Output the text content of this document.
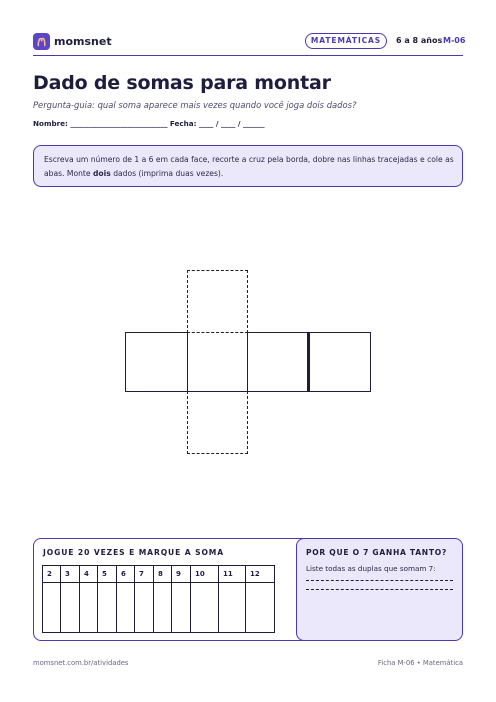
momsnet	MATEMÁTICAS	6 a 8 años M-06
Dado de somas para montar
Pergunta-guia: qual soma aparece mais vezes quando você joga dois dados?
Nombre: ___________________________ Fecha: ____ / ____ / ______

Escreva um número de 1 a 6 em cada face, recorte a cruz pela borda, dobre nas linhas tracejadas e cole as abas. Monte dois dados (imprima duas vezes).

JOGUE 20 VEZES E MARQUE A SOMA
2	3	4	5	6	7	8	9	10	11	12

POR QUE O 7 GANHA TANTO?
Liste todas as duplas que somam 7:
momsnet.com.br/atividades	Ficha M-06 • Matemática
